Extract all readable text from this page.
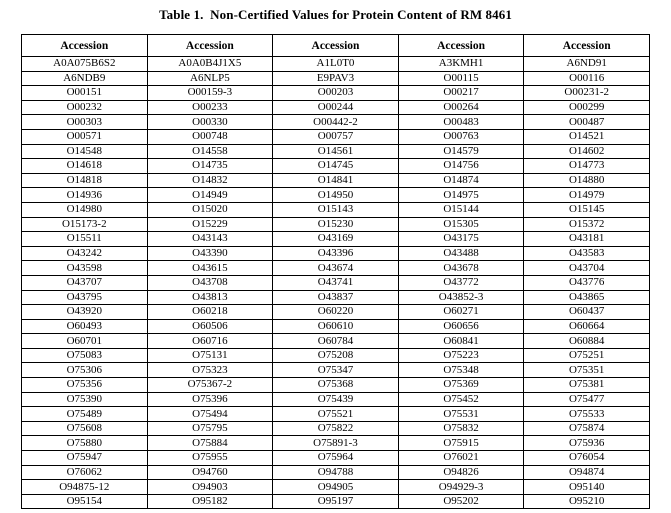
Table 1.  Non-Certified Values for Protein Content of RM 8461
Accession	Accession	Accession	Accession	Accession
A0A075B6S2	A0A0B4J1X5	A1L0T0	A3KMH1	A6ND91
A6NDB9	A6NLP5	E9PAV3	O00115	O00116
O00151	O00159-3	O00203	O00217	O00231-2
O00232	O00233	O00244	O00264	O00299
O00303	O00330	O00442-2	O00483	O00487
O00571	O00748	O00757	O00763	O14521
O14548	O14558	O14561	O14579	O14602
O14618	O14735	O14745	O14756	O14773
O14818	O14832	O14841	O14874	O14880
O14936	O14949	O14950	O14975	O14979
O14980	O15020	O15143	O15144	O15145
O15173-2	O15229	O15230	O15305	O15372
O15511	O43143	O43169	O43175	O43181
O43242	O43390	O43396	O43488	O43583
O43598	O43615	O43674	O43678	O43704
O43707	O43708	O43741	O43772	O43776
O43795	O43813	O43837	O43852-3	O43865
O43920	O60218	O60220	O60271	O60437
O60493	O60506	O60610	O60656	O60664
O60701	O60716	O60784	O60841	O60884
O75083	O75131	O75208	O75223	O75251
O75306	O75323	O75347	O75348	O75351
O75356	O75367-2	O75368	O75369	O75381
O75390	O75396	O75439	O75452	O75477
O75489	O75494	O75521	O75531	O75533
O75608	O75795	O75822	O75832	O75874
O75880	O75884	O75891-3	O75915	O75936
O75947	O75955	O75964	O76021	O76054
O76062	O94760	O94788	O94826	O94874
O94875-12	O94903	O94905	O94929-3	O95140
O95154	O95182	O95197	O95202	O95210
